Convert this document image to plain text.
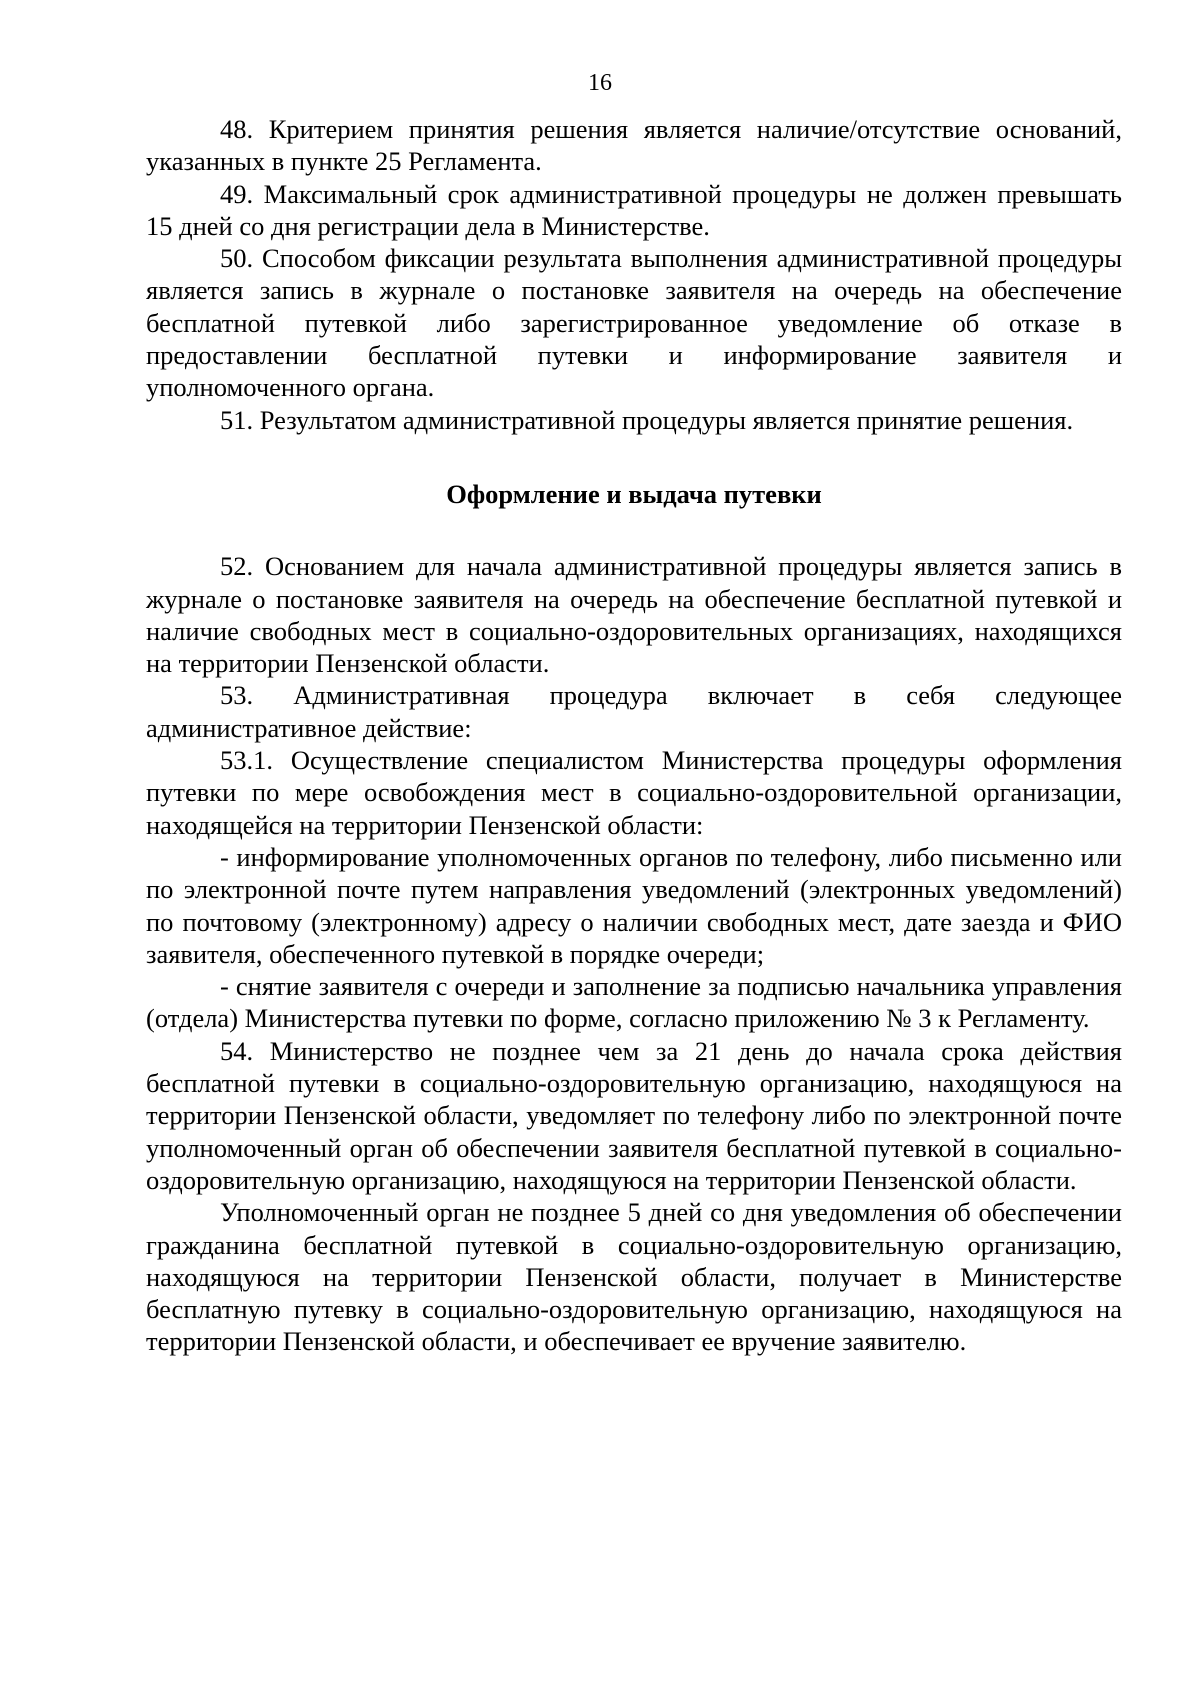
16

48. Критерием принятия решения является наличие/отсутствие оснований, указанных в пункте 25 Регламента.

49. Максимальный срок административной процедуры не должен превышать 15 дней со дня регистрации дела в Министерстве.

50. Способом фиксации результата выполнения административной процедуры является запись в журнале о постановке заявителя на очередь на обеспечение бесплатной путевкой либо зарегистрированное уведомление об отказе в предоставлении бесплатной путевки и информирование заявителя и уполномоченного органа.

51. Результатом административной процедуры является принятие решения.

Оформление и выдача путевки

52. Основанием для начала административной процедуры является запись в журнале о постановке заявителя на очередь на обеспечение бесплатной путевкой и наличие свободных мест в социально-оздоровительных организациях, находящихся на территории Пензенской области.

53. Административная процедура включает в себя следующее административное действие:

53.1. Осуществление специалистом Министерства процедуры оформления путевки по мере освобождения мест в социально-оздоровительной организации, находящейся на территории Пензенской области:

- информирование уполномоченных органов по телефону, либо письменно или по электронной почте путем направления уведомлений (электронных уведомлений) по почтовому (электронному) адресу о наличии свободных мест, дате заезда и ФИО заявителя, обеспеченного путевкой в порядке очереди;

- снятие заявителя с очереди и заполнение за подписью начальника управления (отдела) Министерства путевки по форме, согласно приложению № 3 к Регламенту.

54. Министерство не позднее чем за 21 день до начала срока действия бесплатной путевки в социально-оздоровительную организацию, находящуюся на территории Пензенской области, уведомляет по телефону либо по электронной почте уполномоченный орган об обеспечении заявителя бесплатной путевкой в социально-оздоровительную организацию, находящуюся на территории Пензенской области.

Уполномоченный орган не позднее 5 дней со дня уведомления об обеспечении гражданина бесплатной путевкой в социально-оздоровительную организацию, находящуюся на территории Пензенской области, получает в Министерстве бесплатную путевку в социально-оздоровительную организацию, находящуюся на территории Пензенской области, и обеспечивает ее вручение заявителю.
